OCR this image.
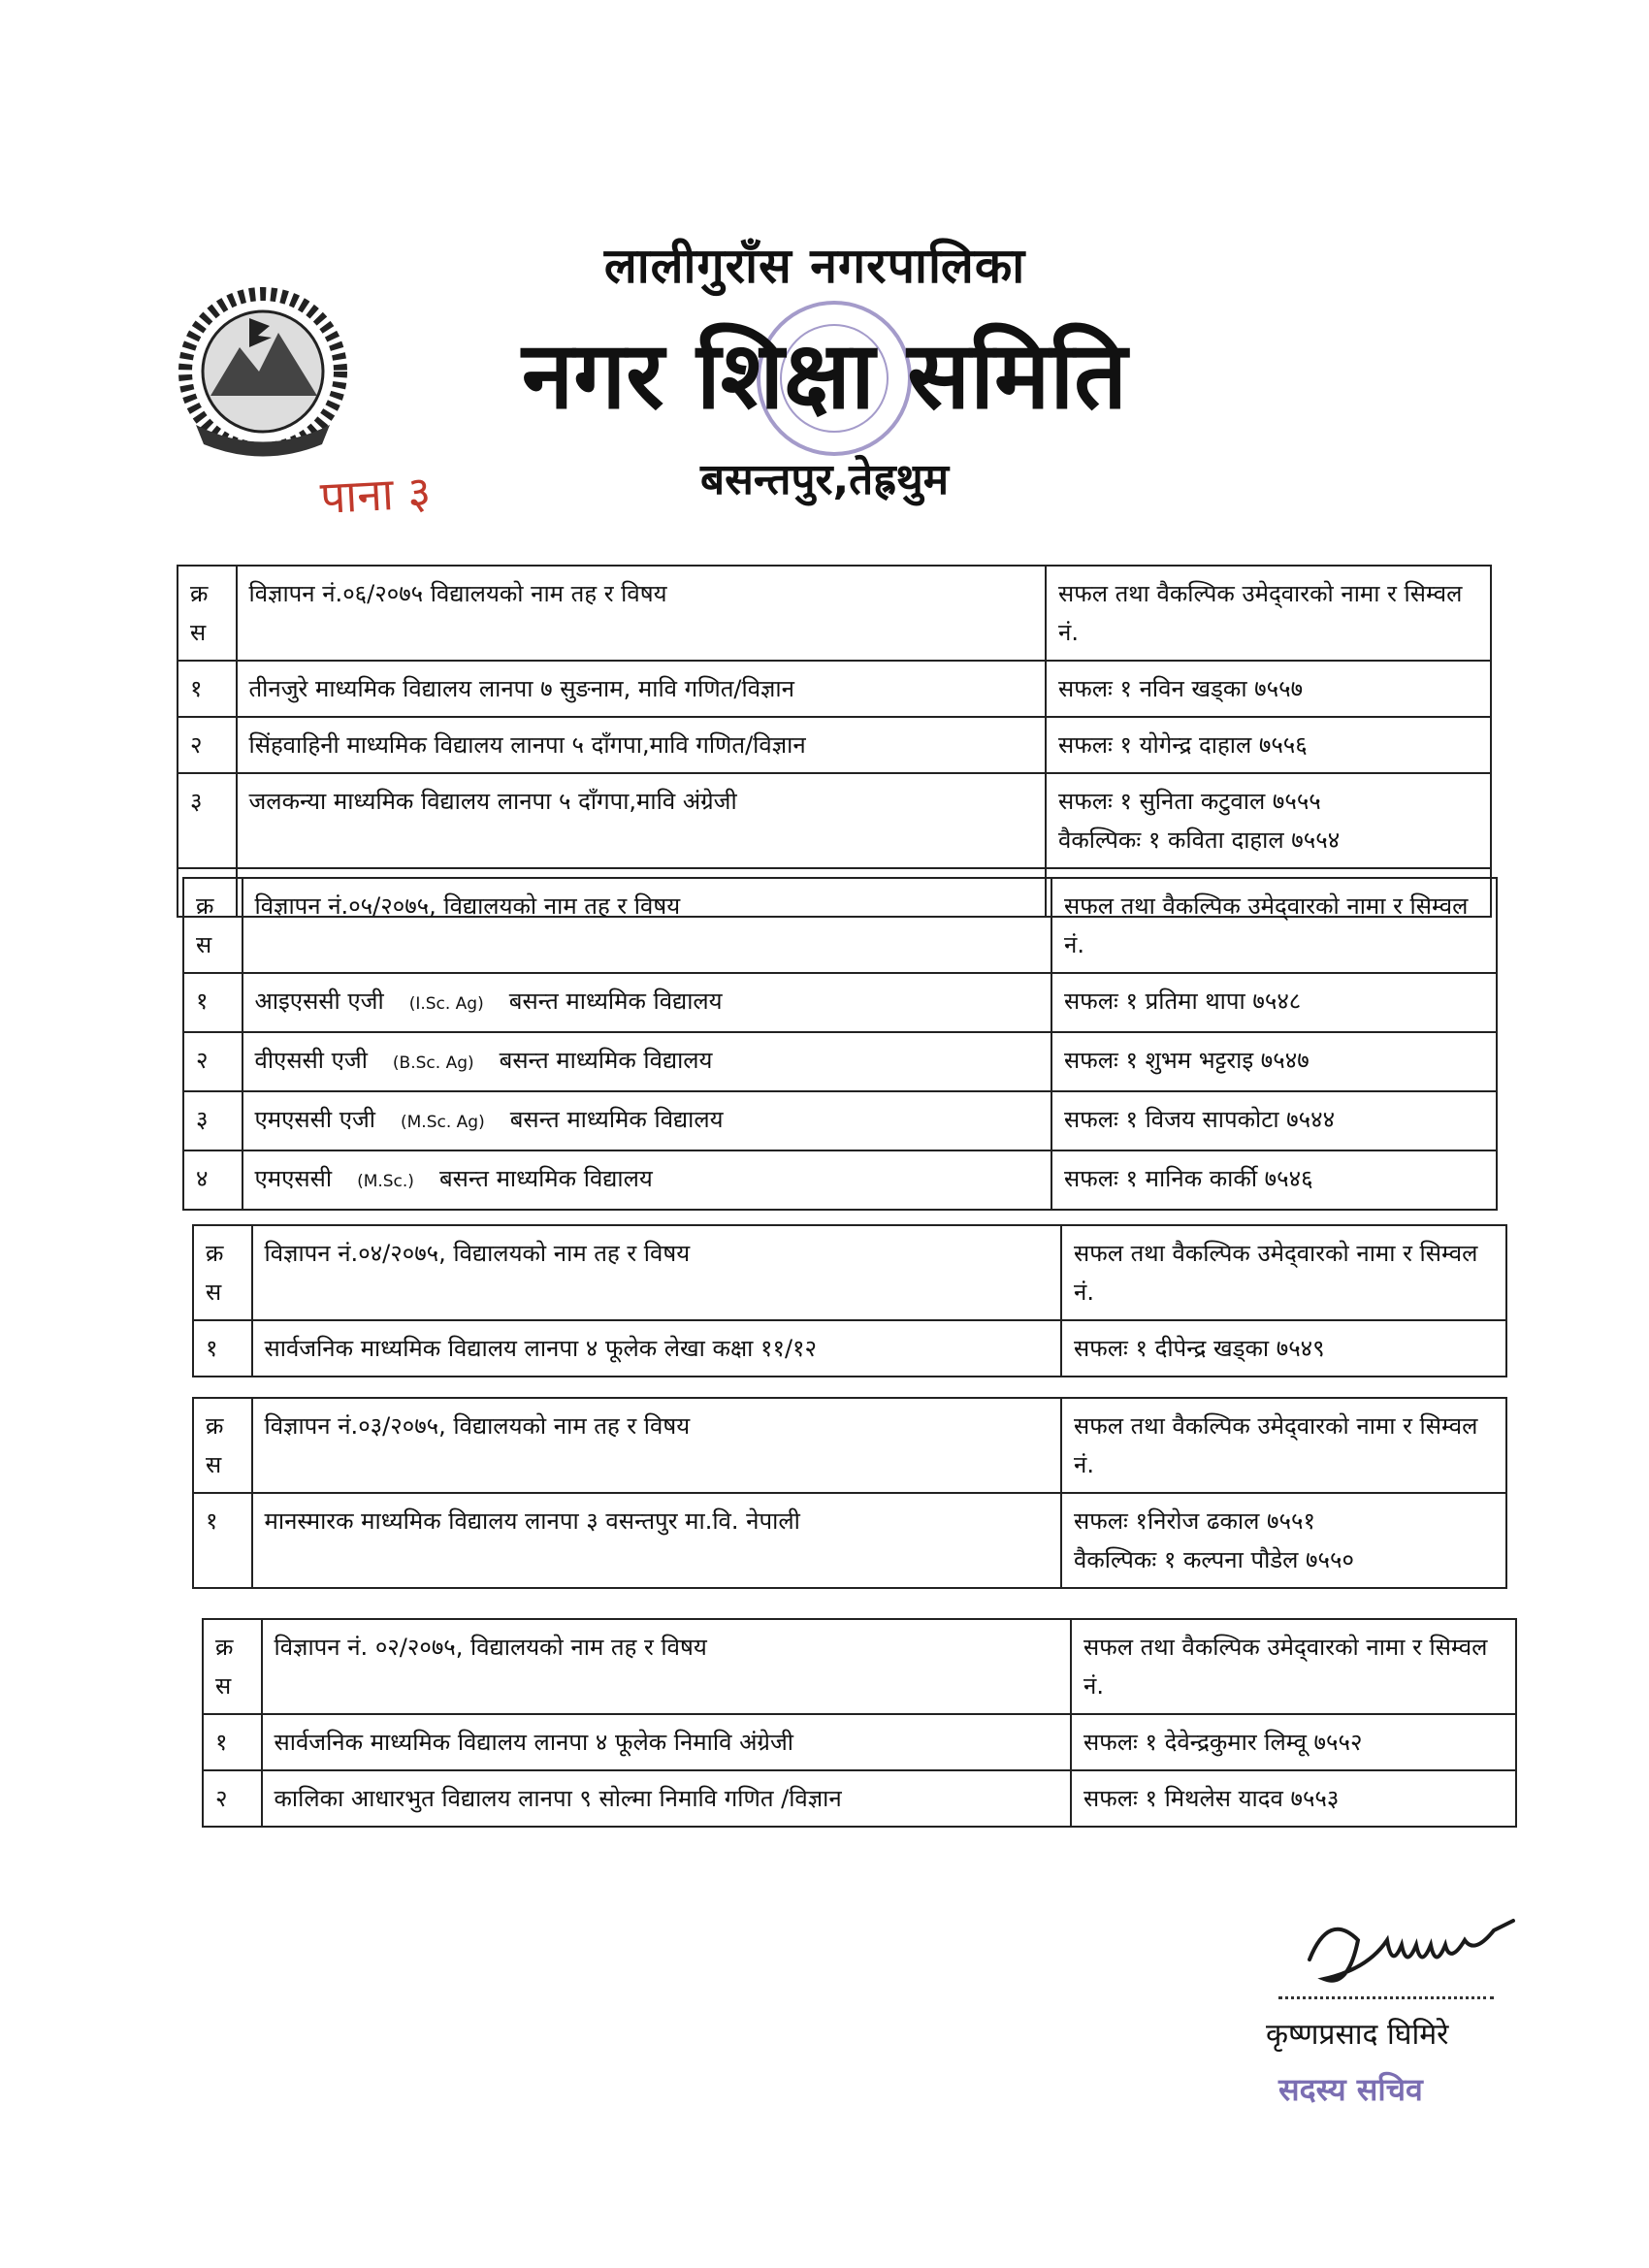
लालीगुराँस नगरपालिका
नगर शिक्षा समिति
बसन्तपुर,तेह्रथुम
पाना ३
क्र स	विज्ञापन नं.०६/२०७५ विद्यालयको नाम तह र विषय	सफल तथा वैकल्पिक उमेद्‍वारको नामा र सिम्वल नं.
१	तीनजुरे माध्यमिक विद्यालय लानपा ७ सुङनाम, मावि गणित/विज्ञान	सफलः १ नविन खड्का ७५५७
२	सिंहवाहिनी माध्यमिक विद्यालय लानपा ५ दाँगपा,मावि गणित/विज्ञान	सफलः १ योगेन्द्र दाहाल ७५५६
३	जलकन्या माध्यमिक विद्यालय लानपा ५ दाँगपा,मावि अंग्रेजी	सफलः १ सुनिता कटुवाल ७५५५
वैकल्पिकः १ कविता दाहाल ७५५४

क्र स	विज्ञापन नं.०५/२०७५, विद्यालयको नाम तह र विषय	सफल तथा वैकल्पिक उमेद्‍वारको नामा र सिम्वल नं.
१	आइएससी एजी (I.Sc. Ag) बसन्त माध्यमिक विद्यालय	सफलः १ प्रतिमा थापा ७५४८
२	वीएससी एजी (B.Sc. Ag) बसन्त माध्यमिक विद्यालय	सफलः १ शुभम भट्टराइ ७५४७
३	एमएससी एजी (M.Sc. Ag) बसन्त माध्यमिक विद्यालय	सफलः १ विजय सापकोटा ७५४४
४	एमएससी (M.Sc.) बसन्त माध्यमिक विद्यालय	सफलः १ मानिक कार्की ७५४६
क्र स	विज्ञापन नं.०४/२०७५, विद्यालयको नाम तह र विषय	सफल तथा वैकल्पिक उमेद्‍वारको नामा र सिम्वल नं.
१	सार्वजनिक माध्यमिक विद्यालय लानपा ४ फूलेक लेखा कक्षा ११/१२	सफलः १ दीपेन्द्र खड्का ७५४९
क्र स	विज्ञापन नं.०३/२०७५, विद्यालयको नाम तह र विषय	सफल तथा वैकल्पिक उमेद्‍वारको नामा र सिम्वल नं.
१	मानस्मारक माध्यमिक विद्यालय लानपा ३ वसन्तपुर मा.वि. नेपाली	सफलः १निरोज ढकाल ७५५१
वैकल्पिकः १ कल्पना पौडेल ७५५०
क्र स	विज्ञापन नं. ०२/२०७५, विद्यालयको नाम तह र विषय	सफल तथा वैकल्पिक उमेद्‍वारको नामा र सिम्वल नं.
१	सार्वजनिक माध्यमिक विद्यालय लानपा ४ फूलेक निमावि अंग्रेजी	सफलः १ देवेन्द्रकुमार लिम्वू ७५५२
२	कालिका आधारभुत विद्यालय लानपा ९ सोल्मा निमावि गणित /विज्ञान	सफलः १ मिथलेस यादव ७५५३
कृष्णप्रसाद घिमिरे
सदस्य सचिव
